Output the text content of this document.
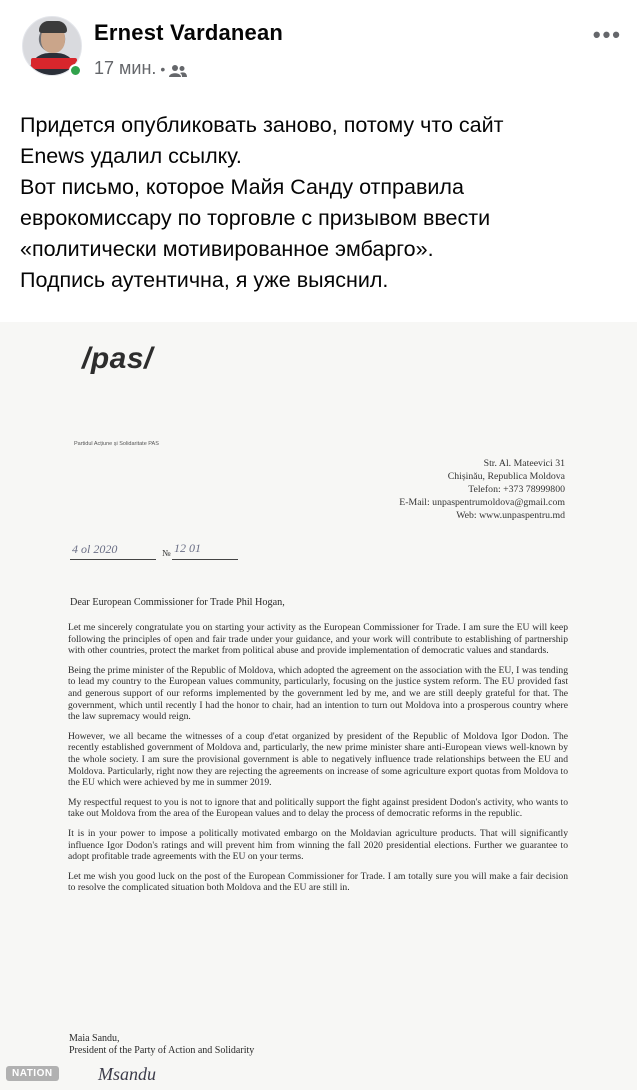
Ernest Vardanean
17 мин. •
•••

Придется опубликовать заново, потому что сайт

Enews удалил ссылку.

Вот письмо, которое Майя Санду отправила

еврокомиссару по торговле с призывом ввести

«политически мотивированное эмбарго».

Подпись аутентична, я уже выяснил.

/pas/
Partidul Acțiune și Solidaritate PAS
Str. Al. Mateevici 31
Chișinău, Republica Moldova
Telefon: +373 78999800
E-Mail: unpaspentrumoldova@gmail.com
Web: www.unpaspentru.md
4 ol 2020	№ 12 01
Dear European Commissioner for Trade Phil Hogan,

Let me sincerely congratulate you on starting your activity as the European Commissioner for Trade. I am sure the EU will keep following the principles of open and fair trade under your guidance, and your work will contribute to establishing of partnership with other countries, protect the market from political abuse and provide implementation of democratic values and standards.

Being the prime minister of the Republic of Moldova, which adopted the agreement on the association with the EU, I was tending to lead my country to the European values community, particularly, focusing on the justice system reform. The EU provided fast and generous support of our reforms implemented by the government led by me, and we are still deeply grateful for that. The government, which until recently I had the honor to chair, had an intention to turn out Moldova into a prosperous country where the law supremacy would reign.

However, we all became the witnesses of a coup d'etat organized by president of the Republic of Moldova Igor Dodon. The recently established government of Moldova and, particularly, the new prime minister share anti-European views well-known by the whole society. I am sure the provisional government is able to negatively influence trade relationships between the EU and Moldova. Particularly, right now they are rejecting the agreements on increase of some agriculture export quotas from Moldova to the EU which were achieved by me in summer 2019.

My respectful request to you is not to ignore that and politically support the fight against president Dodon's activity, who wants to take out Moldova from the area of the European values and to delay the process of democratic reforms in the republic.

It is in your power to impose a politically motivated embargo on the Moldavian agriculture products. That will significantly influence Igor Dodon's ratings and will prevent him from winning the fall 2020 presidential elections. Further we guarantee to adopt profitable trade agreements with the EU on your terms.

Let me wish you good luck on the post of the European Commissioner for Trade. I am totally sure you will make a fair decision to resolve the complicated situation both Moldova and the EU are still in.

Maia Sandu,
President of the Party of Action and Solidarity
Msandu
NATION
